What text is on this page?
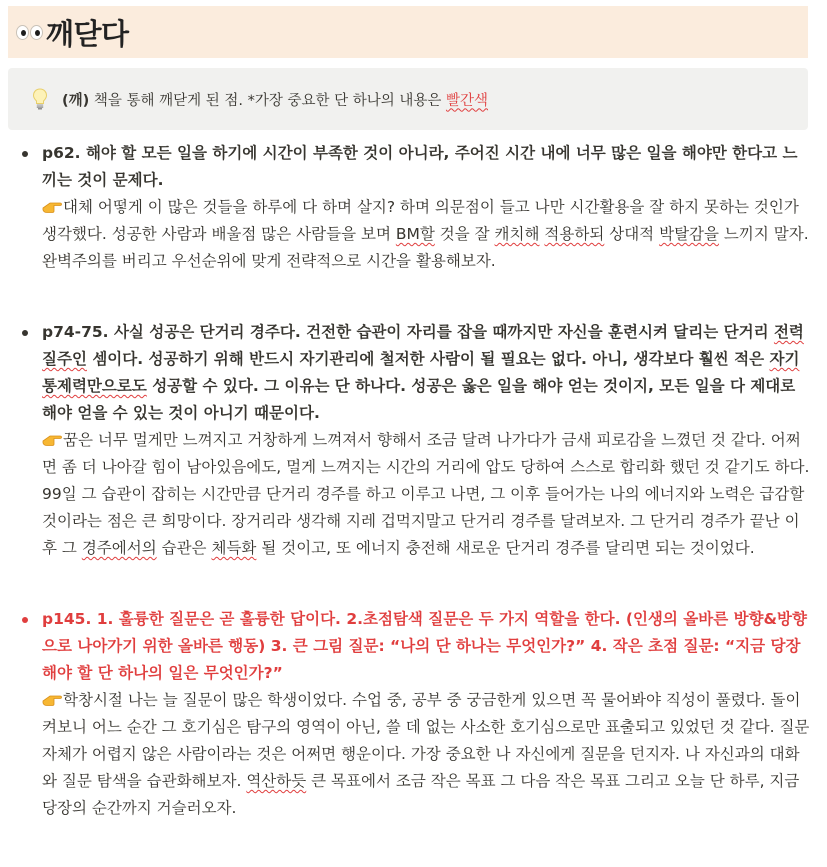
깨닫다
(깨) 책을 통해 깨닫게 된 점. *가장 중요한 단 하나의 내용은 빨간색
p62. 해야 할 모든 일을 하기에 시간이 부족한 것이 아니라, 주어진 시간 내에 너무 많은 일을 해야만 한다고 느끼는 것이 문제다.
대체 어떻게 이 많은 것들을 하루에 다 하며 살지? 하며 의문점이 들고 나만 시간활용을 잘 하지 못하는 것인가 생각했다. 성공한 사람과 배울점 많은 사람들을 보며 BM할 것을 잘 캐치해 적용하되 상대적 박탈감을 느끼지 말자. 완벽주의를 버리고 우선순위에 맞게 전략적으로 시간을 활용해보자.
p74-75. 사실 성공은 단거리 경주다. 건전한 습관이 자리를 잡을 때까지만 자신을 훈련시켜 달리는 단거리 전력질주인 셈이다. 성공하기 위해 반드시 자기관리에 철저한 사람이 될 필요는 없다. 아니, 생각보다 훨씬 적은 자기통제력만으로도 성공할 수 있다. 그 이유는 단 하나다. 성공은 옳은 일을 해야 얻는 것이지, 모든 일을 다 제대로 해야 얻을 수 있는 것이 아니기 때문이다.
꿈은 너무 멀게만 느껴지고 거창하게 느껴져서 향해서 조금 달려 나가다가 금새 피로감을 느꼈던 것 같다. 어쩌면 좀 더 나아갈 힘이 남아있음에도, 멀게 느껴지는 시간의 거리에 압도 당하여 스스로 합리화 했던 것 같기도 하다. 99일 그 습관이 잡히는 시간만큼 단거리 경주를 하고 이루고 나면, 그 이후 들어가는 나의 에너지와 노력은 급감할 것이라는 점은 큰 희망이다. 장거리라 생각해 지레 겁먹지말고 단거리 경주를 달려보자. 그 단거리 경주가 끝난 이후 그 경주에서의 습관은 체득화 될 것이고, 또 에너지 충전해 새로운 단거리 경주를 달리면 되는 것이었다.
p145. 1. 훌륭한 질문은 곧 훌륭한 답이다. 2.초점탐색 질문은 두 가지 역할을 한다. (인생의 올바른 방향&방향으로 나아가기 위한 올바른 행동) 3. 큰 그림 질문: “나의 단 하나는 무엇인가?” 4. 작은 초점 질문: “지금 당장 해야 할 단 하나의 일은 무엇인가?”
학창시절 나는 늘 질문이 많은 학생이었다. 수업 중, 공부 중 궁금한게 있으면 꼭 물어봐야 직성이 풀렸다. 돌이켜보니 어느 순간 그 호기심은 탐구의 영역이 아닌, 쓸 데 없는 사소한 호기심으로만 표출되고 있었던 것 같다. 질문 자체가 어렵지 않은 사람이라는 것은 어쩌면 행운이다. 가장 중요한 나 자신에게 질문을 던지자. 나 자신과의 대화와 질문 탐색을 습관화해보자. 역산하듯 큰 목표에서 조금 작은 목표 그 다음 작은 목표 그리고 오늘 단 하루, 지금 당장의 순간까지 거슬러오자.
